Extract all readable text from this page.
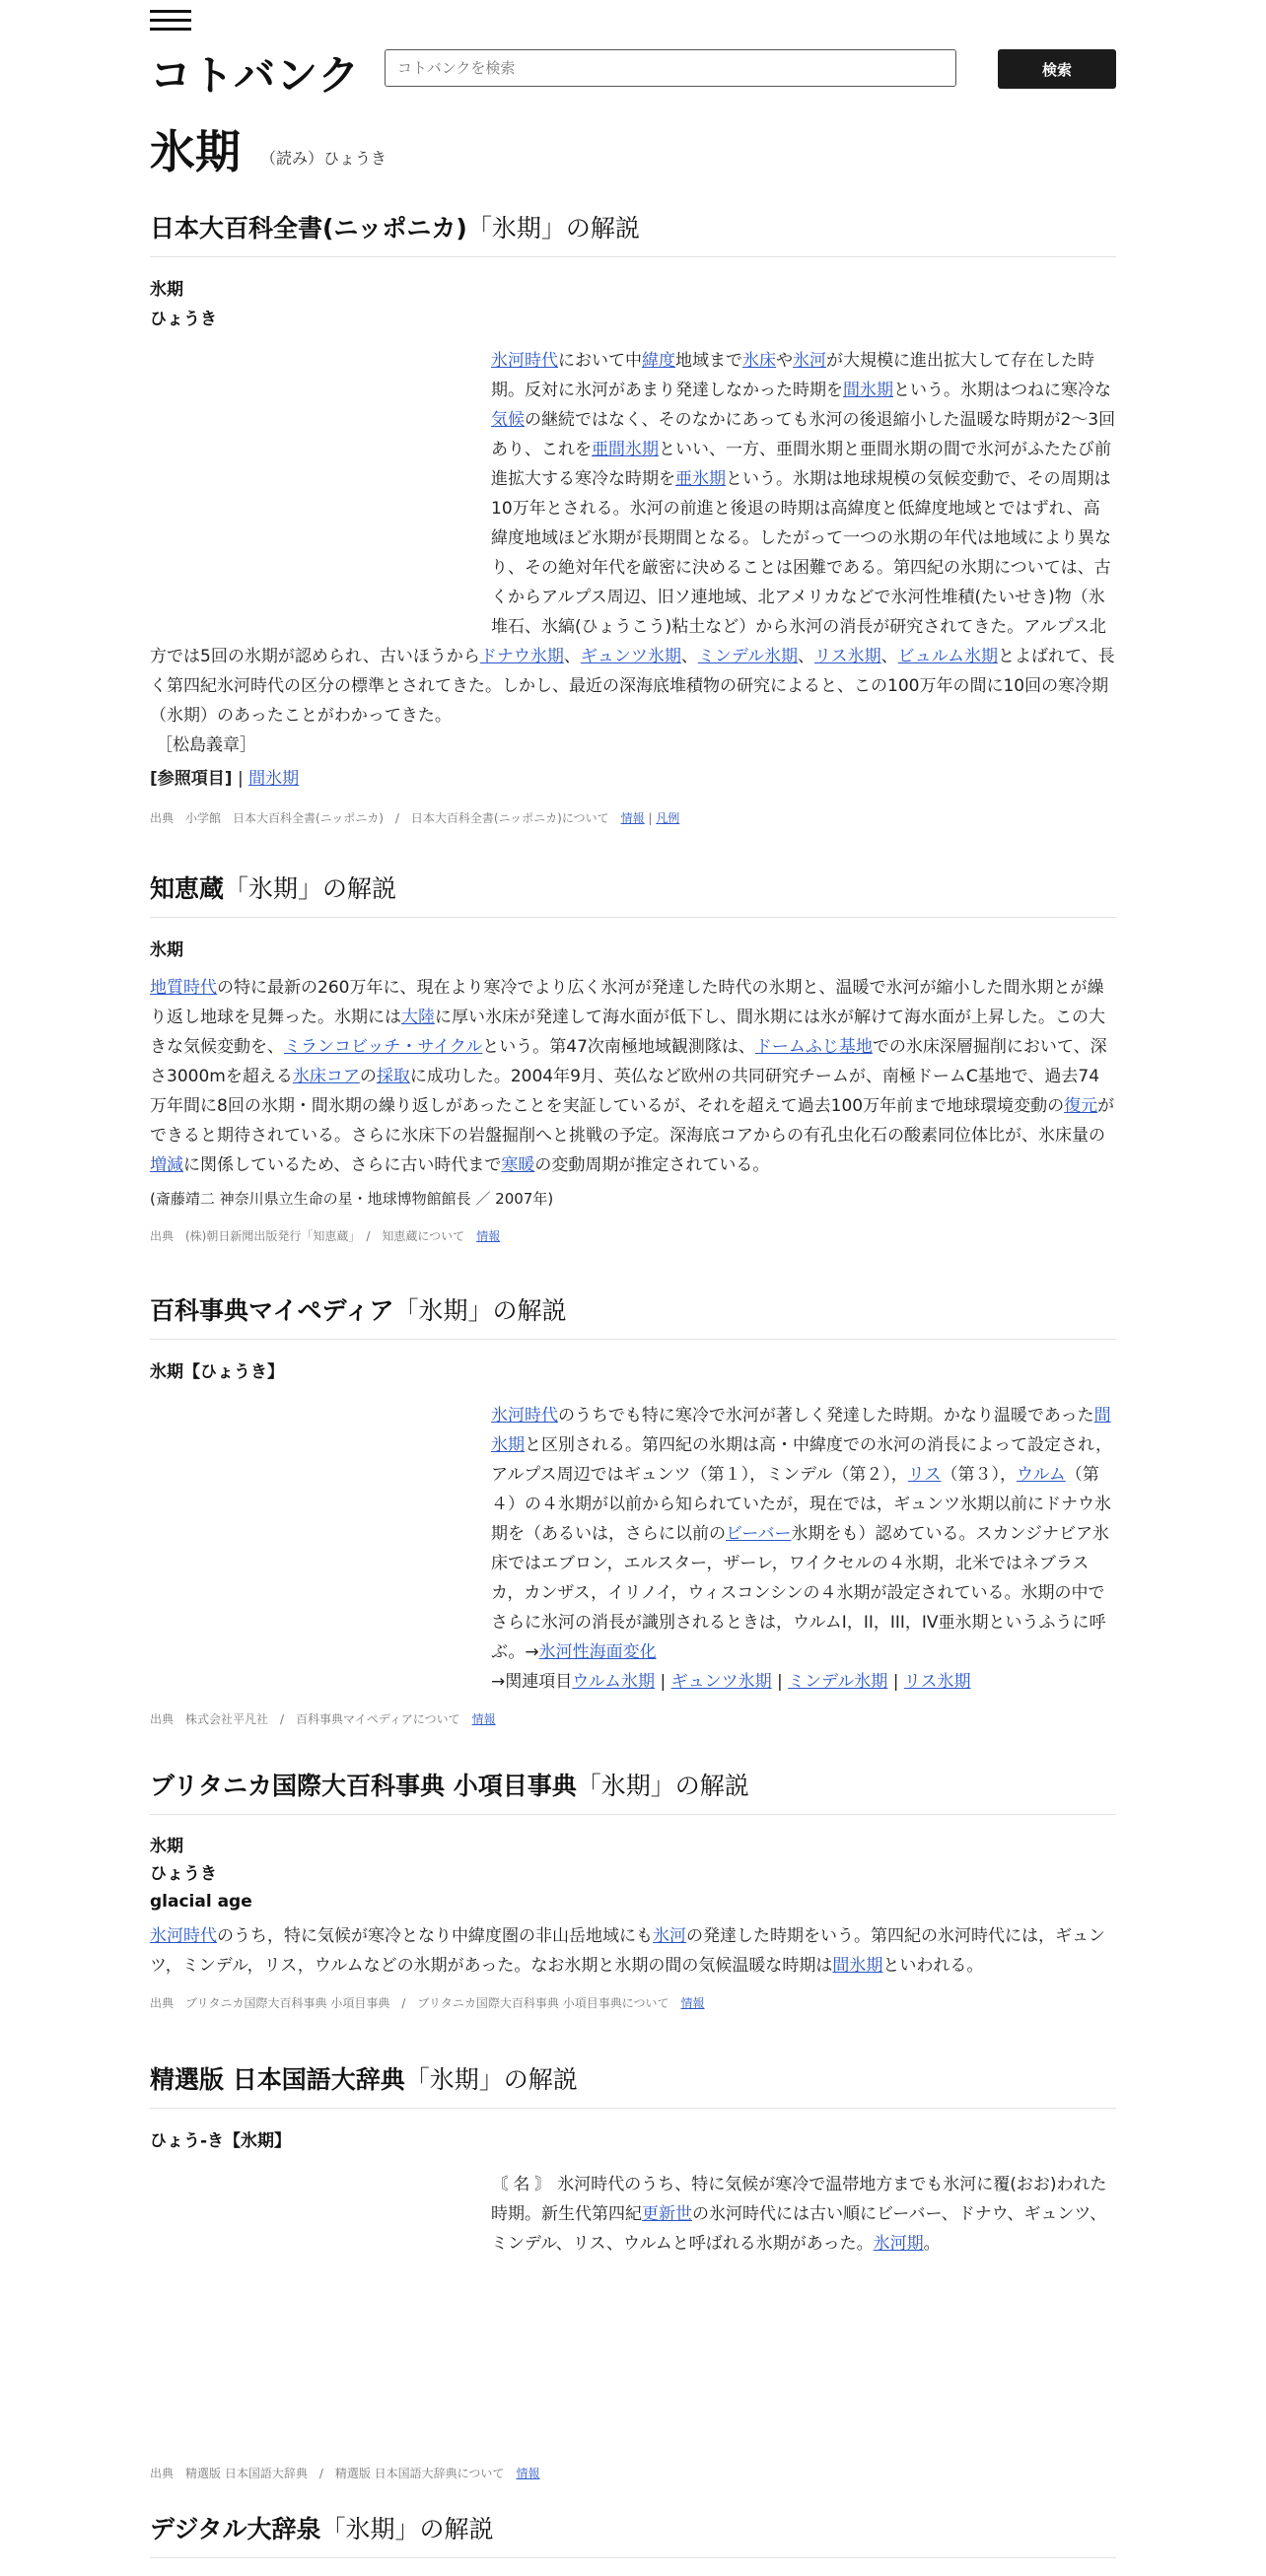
コトバンク
コトバンクを検索	検索
氷期 （読み）ひょうき
日本大百科全書(ニッポニカ)「氷期」の解説
氷期
ひょうき
氷河時代において中緯度地域まで氷床や氷河が大規模に進出拡大して存在した時期。反対に氷河があまり発達しなかった時期を間氷期という。氷期はつねに寒冷な気候の継続ではなく、そのなかにあっても氷河の後退縮小した温暖な時期が2～3回あり、これを亜間氷期といい、一方、亜間氷期と亜間氷期の間で氷河がふたたび前進拡大する寒冷な時期を亜氷期という。氷期は地球規模の気候変動で、その周期は10万年とされる。氷河の前進と後退の時期は高緯度と低緯度地域とではずれ、高緯度地域ほど氷期が長期間となる。したがって一つの氷期の年代は地域により異なり、その絶対年代を厳密に決めることは困難である。第四紀の氷期については、古くからアルプス周辺、旧ソ連地域、北アメリカなどで氷河性堆積(たいせき)物（氷堆石、氷縞(ひょうこう)粘土など）から氷河の消長が研究されてきた。アルプス北方では5回の氷期が認められ、古いほうからドナウ氷期、ギュンツ氷期、ミンデル氷期、リス氷期、ビュルム氷期とよばれて、長く第四紀氷河時代の区分の標準とされてきた。しかし、最近の深海底堆積物の研究によると、この100万年の間に10回の寒冷期（氷期）のあったことがわかってきた。
［松島義章］
[参照項目] | 間氷期
出典　小学館　日本大百科全書(ニッポニカ)　/　日本大百科全書(ニッポニカ)について　 情報 | 凡例
知恵蔵「氷期」の解説
氷期
地質時代の特に最新の260万年に、現在より寒冷でより広く氷河が発達した時代の氷期と、温暖で氷河が縮小した間氷期とが繰り返し地球を見舞った。氷期には大陸に厚い氷床が発達して海水面が低下し、間氷期には氷が解けて海水面が上昇した。この大きな気候変動を、ミランコビッチ・サイクルという。第47次南極地域観測隊は、ドームふじ基地での氷床深層掘削において、深さ3000mを超える氷床コアの採取に成功した。2004年9月、英仏など欧州の共同研究チームが、南極ドームC基地で、過去74万年間に8回の氷期・間氷期の繰り返しがあったことを実証しているが、それを超えて過去100万年前まで地球環境変動の復元ができると期待されている。さらに氷床下の岩盤掘削へと挑戦の予定。深海底コアからの有孔虫化石の酸素同位体比が、氷床量の増減に関係しているため、さらに古い時代まで寒暖の変動周期が推定されている。
(斎藤靖二 神奈川県立生命の星・地球博物館館長 ／ 2007年)
出典　(株)朝日新聞出版発行「知恵蔵」　/　知恵蔵について　 情報
百科事典マイペディア「氷期」の解説
氷期【ひょうき】
氷河時代のうちでも特に寒冷で氷河が著しく発達した時期。かなり温暖であった間氷期と区別される。第四紀の氷期は高・中緯度での氷河の消長によって設定され，アルプス周辺ではギュンツ（第１），ミンデル（第２），リス（第３），ウルム（第４）の４氷期が以前から知られていたが，現在では，ギュンツ氷期以前にドナウ氷期を（あるいは，さらに以前のビーバー氷期をも）認めている。スカンジナビア氷床ではエブロン，エルスター，ザーレ，ワイクセルの４氷期，北米ではネブラスカ，カンザス，イリノイ，ウィスコンシンの４氷期が設定されている。氷期の中でさらに氷河の消長が識別されるときは，ウルムI，II，III，IV亜氷期というふうに呼ぶ。→氷河性海面変化
→関連項目ウルム氷期 | ギュンツ氷期 | ミンデル氷期 | リス氷期
出典　株式会社平凡社　/　百科事典マイペディアについて　 情報
ブリタニカ国際大百科事典 小項目事典「氷期」の解説
氷期
ひょうき
glacial age
氷河時代のうち，特に気候が寒冷となり中緯度圏の非山岳地域にも氷河の発達した時期をいう。第四紀の氷河時代には，ギュンツ，ミンデル，リス，ウルムなどの氷期があった。なお氷期と氷期の間の気候温暖な時期は間氷期といわれる。
出典　ブリタニカ国際大百科事典 小項目事典　/　ブリタニカ国際大百科事典 小項目事典について　 情報
精選版 日本国語大辞典「氷期」の解説
ひょう‐き【氷期】
〘 名 〙 氷河時代のうち、特に気候が寒冷で温帯地方までも氷河に覆(おお)われた時期。新生代第四紀更新世の氷河時代には古い順にビーバー、ドナウ、ギュンツ、ミンデル、リス、ウルムと呼ばれる氷期があった。氷河期。
出典　精選版 日本国語大辞典　/　精選版 日本国語大辞典について　 情報
デジタル大辞泉「氷期」の解説
